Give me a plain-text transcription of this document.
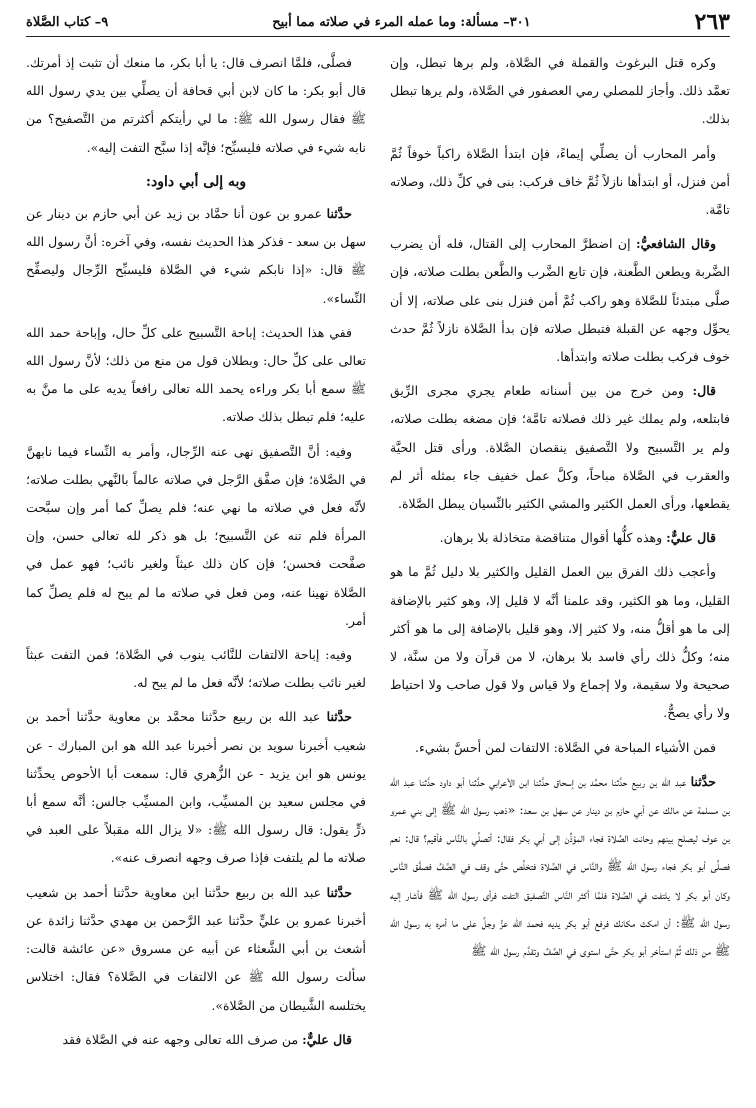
٢٦٣
٣٠١– مسألة: وما عمله المرء في صلاته مما أبيح
٩– كتاب الصَّلاة

وكره قتل البرغوث والقملة في الصَّلاة، ولم برها تبطل، وإن تعمَّد ذلك. وأجاز للمصلي رمي العصفور في الصَّلاة، ولم يرها تبطل بذلك.

وأمر المحارب أن يصلِّي إيماءً، فإن ابتدأ الصَّلاة راكباً خوفاً ثُمَّ أمن فنزل، أو ابتدأها نازلاً ثُمَّ خاف فركب: بنى في كلِّ ذلك، وصلاته تامَّة.

وقال الشافعيُّ: إن اضطرَّ المحارب إلى القتال، فله أن يضرب الضَّربة ويطعن الطَّعنة، فإن تابع الضَّرب والطَّعن بطلت صلاته، فإن صلَّى مبتدئاً للصَّلاة وهو راكب ثُمَّ أمن فنزل بنى على صلاته، إلا أن يحوِّل وجهه عن القبلة فتبطل صلاته فإن بدأ الصَّلاة نازلاً ثُمَّ حدث خوف فركب بطلت صلاته وابتدأها.

قال: ومن خرج من بين أسنانه طعام يجري مجرى الرِّيق فابتلعه، ولم يملك غير ذلك فصلاته تامَّة؛ فإن مضغه بطلت صلاته، ولم ير التَّسبيح ولا التَّصفيق ينقصان الصَّلاة. ورأى قتل الحيَّة والعقرب في الصَّلاة مباحاً، وكلَّ عمل خفيف جاء بمثله أثر لم يقطعها، ورأى العمل الكثير والمشي الكثير بالنِّسيان يبطل الصَّلاة.

قال عليٌّ: وهذه كلُّها أقوال متناقضة متخاذلة بلا برهان.

وأعجب ذلك الفرق بين العمل القليل والكثير بلا دليل ثُمَّ ما هو القليل، وما هو الكثير، وقد علمنا أنَّه لا قليل إلا، وهو كثير بالإضافة إلى ما هو أقلُّ منه، ولا كثير إلا، وهو قليل بالإضافة إلى ما هو أكثر منه؛ وكلُّ ذلك رأي فاسد بلا برهان، لا من قرآن ولا من سنَّة، لا صحيحة ولا سقيمة، ولا إجماع ولا قياس ولا قول صاحب ولا احتياط ولا رأي يصحُّ.

فمن الأشياء المباحة في الصَّلاة: الالتفات لمن أحسَّ بشيء.

حدَّثنا عبد الله بن ربيع حدَّثنا محمَّد بن إسحاق حدَّثنا ابن الأعرابي حدَّثنا أبو داود حدَّثنا عبد الله بن مسلمة عن مالك عن أبي حازم بن دينار عن سهل بن سعد: «ذهب رسول الله ﷺ إلى بني عمرو بن عوف ليصلح بينهم وحانت الصَّلاة فجاء المؤذِّن إلى أبي بكر فقال: أتصلِّي بالنَّاس فأقيم؟ قال: نعم فصلَّى أبو بكر فجاء رسول الله ﷺ والنَّاس في الصَّلاة فتخلَّص حتَّى وقف في الصَّفِّ فصفَّق النَّاس وكان أبو بكر لا يلتفت في الصَّلاة فلمَّا أكثر النَّاس التَّصفيق التفت فرأى رسول الله ﷺ فأشار إليه رسول الله ﷺ: أن امكث مكانك فرفع أبو بكر يديه فحمد الله عزَّ وجلَّ على ما أمره به رسول الله ﷺ من ذلك ثُمَّ استأخر أبو بكر حتَّى استوى في الصَّفِّ وتقدَّم رسول الله ﷺ

فصلَّى، فلمَّا انصرف قال: يا أبا بكر، ما منعك أن تثبت إذ أمرتك. قال أبو بكر: ما كان لابن أبي قحافة أن يصلِّي بين يدي رسول الله ﷺ فقال رسول الله ﷺ: ما لي رأيتكم أكثرتم من التَّصفيح؟ من نابه شيء في صلاته فليسبِّح؛ فإنَّه إذا سبَّح التفت إليه».

وبه إلى أبي داود:

حدَّثنا عمرو بن عون أنا حمَّاد بن زيد عن أبي حازم بن دينار عن سهل بن سعد - فذكر هذا الحديث نفسه، وفي آخره: أنَّ رسول الله ﷺ قال: «إذا نابكم شيء في الصَّلاة فليسبِّح الرِّجال وليصفِّح النِّساء».

ففي هذا الحديث: إباحة التَّسبيح على كلِّ حال، وإباحة حمد الله تعالى على كلِّ حال: وبطلان قول من منع من ذلك؛ لأنَّ رسول الله ﷺ سمع أبا بكر وراءه يحمد الله تعالى رافعاً يديه على ما منَّ به عليه؛ فلم تبطل بذلك صلاته.

وفيه: أنَّ التَّصفيق نهى عنه الرِّجال، وأمر به النِّساء فيما نابهنَّ في الصَّلاة؛ فإن صفَّق الرَّجل في صلاته عالماً بالنَّهي بطلت صلاته؛ لأنَّه فعل في صلاته ما نهي عنه؛ فلم يصلِّ كما أمر وإن سبَّحت المرأة فلم تنه عن التَّسبيح؛ بل هو ذكر لله تعالى حسن، وإن صفَّحت فحسن؛ فإن كان ذلك عبثاً ولغير نائب؛ فهو عمل في الصَّلاة نهينا عنه، ومن فعل في صلاته ما لم يبح له فلم يصلِّ كما أمر.

وفيه: إباحة الالتفات للنَّائب ينوب في الصَّلاة؛ فمن التفت عبثاً لغير نائب بطلت صلاته؛ لأنَّه فعل ما لم يبح له.

حدَّثنا عبد الله بن ربيع حدَّثنا محمَّد بن معاوية حدَّثنا أحمد بن شعيب أخبرنا سويد بن نصر أخبرنا عبد الله هو ابن المبارك - عن يونس هو ابن يزيد - عن الزُّهري قال: سمعت أبا الأحوص يحدِّثنا في مجلس سعيد بن المسيِّب، وابن المسيِّب جالس: أنَّه سمع أبا ذرٍّ يقول: قال رسول الله ﷺ: «لا يزال الله مقبلاً على العبد في صلاته ما لم يلتفت فإذا صرف وجهه انصرف عنه».

حدَّثنا عبد الله بن ربيع حدَّثنا ابن معاوية حدَّثنا أحمد بن شعيب أخبرنا عمرو بن عليٍّ حدَّثنا عبد الرَّحمن بن مهدي حدَّثنا زائدة عن أشعث بن أبي الشَّعثاء عن أبيه عن مسروق «عن عائشة قالت: سألت رسول الله ﷺ عن الالتفات في الصَّلاة؟ فقال: اختلاس يختلسه الشَّيطان من الصَّلاة».

قال عليٌّ: من صرف الله تعالى وجهه عنه في الصَّلاة فقد
